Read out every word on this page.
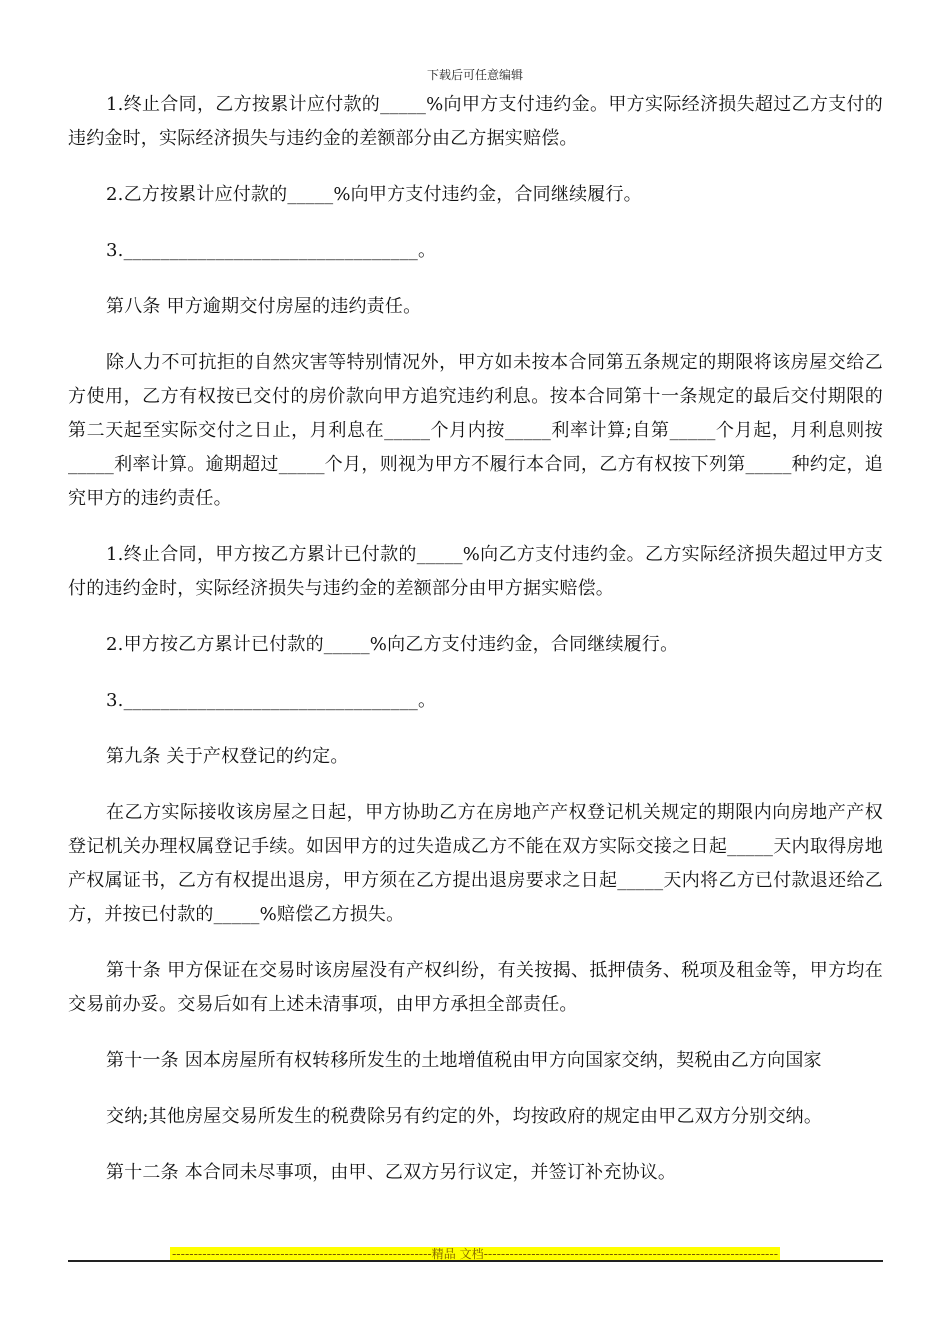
下载后可任意编辑

1.终止合同，乙方按累计应付款的_____%向甲方支付违约金。甲方实际经济损失超过乙方支付的违约金时，实际经济损失与违约金的差额部分由乙方据实赔偿。

2.乙方按累计应付款的_____%向甲方支付违约金，合同继续履行。

3.________________________________。

第八条 甲方逾期交付房屋的违约责任。

除人力不可抗拒的自然灾害等特别情况外，甲方如未按本合同第五条规定的期限将该房屋交给乙方使用，乙方有权按已交付的房价款向甲方追究违约利息。按本合同第十一条规定的最后交付期限的第二天起至实际交付之日止，月利息在_____个月内按_____利率计算;自第_____个月起，月利息则按_____利率计算。逾期超过_____个月，则视为甲方不履行本合同，乙方有权按下列第_____种约定，追究甲方的违约责任。

1.终止合同，甲方按乙方累计已付款的_____%向乙方支付违约金。乙方实际经济损失超过甲方支付的违约金时，实际经济损失与违约金的差额部分由甲方据实赔偿。

2.甲方按乙方累计已付款的_____%向乙方支付违约金，合同继续履行。

3.________________________________。

第九条 关于产权登记的约定。

在乙方实际接收该房屋之日起，甲方协助乙方在房地产产权登记机关规定的期限内向房地产产权登记机关办理权属登记手续。如因甲方的过失造成乙方不能在双方实际交接之日起_____天内取得房地产权属证书，乙方有权提出退房，甲方须在乙方提出退房要求之日起_____天内将乙方已付款退还给乙方，并按已付款的_____%赔偿乙方损失。

第十条 甲方保证在交易时该房屋没有产权纠纷，有关按揭、抵押债务、税项及租金等，甲方均在交易前办妥。交易后如有上述未清事项，由甲方承担全部责任。

第十一条 因本房屋所有权转移所发生的土地增值税由甲方向国家交纳，契税由乙方向国家

交纳;其他房屋交易所发生的税费除另有约定的外，均按政府的规定由甲乙双方分别交纳。

第十二条 本合同未尽事项，由甲、乙双方另行议定，并签订补充协议。

------------------------------------------------------------精品 文档--------------------------------------------------------------------
